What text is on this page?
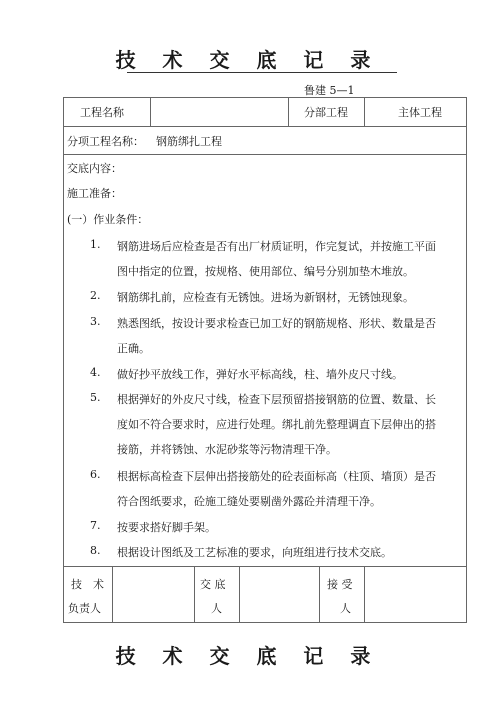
技 术 交 底 记 录
鲁建 5—1
工程名称	分部工程	主体工程
分项工程名称： 钢筋绑扎工程
交底内容：
施工准备：
(一）作业条件：
1. 钢筋进场后应检查是否有出厂材质证明，作完复试，并按施工平面
图中指定的位置，按规格、使用部位、编号分别加垫木堆放。
2. 钢筋绑扎前，应检查有无锈蚀。进场为新钢材，无锈蚀现象。
3. 熟悉图纸，按设计要求检查已加工好的钢筋规格、形状、数量是否
正确。
4. 做好抄平放线工作，弹好水平标高线，柱、墙外皮尺寸线。
5. 根据弹好的外皮尺寸线，检查下层预留搭接钢筋的位置、数量、长
度如不符合要求时，应进行处理。绑扎前先整理调直下层伸出的搭
接筋，并将锈蚀、水泥砂浆等污物清理干净。
6. 根据标高检查下层伸出搭接筋处的砼表面标高（柱顶、墙顶）是否
符合图纸要求，砼施工缝处要剔凿外露砼并清理干净。
7. 按要求搭好脚手架。
8. 根据设计图纸及工艺标准的要求，向班组进行技术交底。
技　术
负责人
交 底
人
接 受
人
技 术 交 底 记 录
